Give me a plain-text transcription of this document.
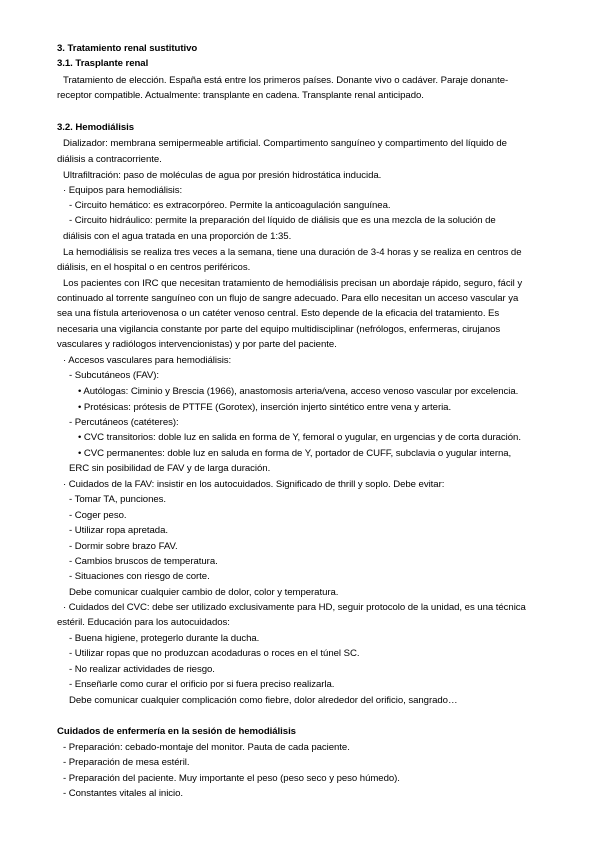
3. Tratamiento renal sustitutivo
3.1. Trasplante renal
Tratamiento de elección. España está entre los primeros países. Donante vivo o cadáver. Paraje donante-
receptor compatible. Actualmente: transplante en cadena. Transplante renal anticipado.
3.2. Hemodiálisis
Dializador: membrana semipermeable artificial. Compartimento sanguíneo y compartimento del líquido de
diálisis a contracorriente.
Ultrafiltración: paso de moléculas de agua por presión hidrostática inducida.
· Equipos para hemodiálisis:
- Circuito hemático: es extracorpóreo. Permite la anticoagulación sanguínea.
- Circuito hidráulico: permite la preparación del líquido de diálisis que es una mezcla de la solución de
diálisis con el agua tratada en una proporción de 1:35.
La hemodiálisis se realiza tres veces a la semana, tiene una duración de 3-4 horas y se realiza en centros de
diálisis, en el hospital o en centros periféricos.
Los pacientes con IRC que necesitan tratamiento de hemodiálisis precisan un abordaje rápido, seguro, fácil y
continuado al torrente sanguíneo con un flujo de sangre adecuado. Para ello necesitan un acceso vascular ya
sea una fístula arteriovenosa o un catéter venoso central. Esto depende de la eficacia del tratamiento. Es
necesaria una vigilancia constante por parte del equipo multidisciplinar (nefrólogos, enfermeras, cirujanos
vasculares y radiólogos intervencionistas) y por parte del paciente.
· Accesos vasculares para hemodiálisis:
- Subcutáneos (FAV):
• Autólogas: Ciminio y Brescia (1966), anastomosis arteria/vena, acceso venoso vascular por excelencia.
• Protésicas: prótesis de PTTFE (Gorotex), inserción injerto sintético entre vena y arteria.
- Percutáneos (catéteres):
• CVC transitorios: doble luz en salida en forma de Y, femoral o yugular, en urgencias y de corta duración.
• CVC permanentes: doble luz en saluda en forma de Y, portador de CUFF, subclavia o yugular interna,
ERC sin posibilidad de FAV y de larga duración.
· Cuidados de la FAV: insistir en los autocuidados. Significado de thrill y soplo. Debe evitar:
- Tomar TA, punciones.
- Coger peso.
- Utilizar ropa apretada.
- Dormir sobre brazo FAV.
- Cambios bruscos de temperatura.
- Situaciones con riesgo de corte.
Debe comunicar cualquier cambio de dolor, color y temperatura.
· Cuidados del CVC: debe ser utilizado exclusivamente para HD, seguir protocolo de la unidad, es una técnica
estéril. Educación para los autocuidados:
- Buena higiene, protegerlo durante la ducha.
- Utilizar ropas que no produzcan acodaduras o roces en el túnel SC.
- No realizar actividades de riesgo.
- Enseñarle como curar el orificio por si fuera preciso realizarla.
Debe comunicar cualquier complicación como fiebre, dolor alrededor del orificio, sangrado…
Cuidados de enfermería en la sesión de hemodiálisis
- Preparación: cebado-montaje del monitor. Pauta de cada paciente.
- Preparación de mesa estéril.
- Preparación del paciente. Muy importante el peso (peso seco y peso húmedo).
- Constantes vitales al inicio.
